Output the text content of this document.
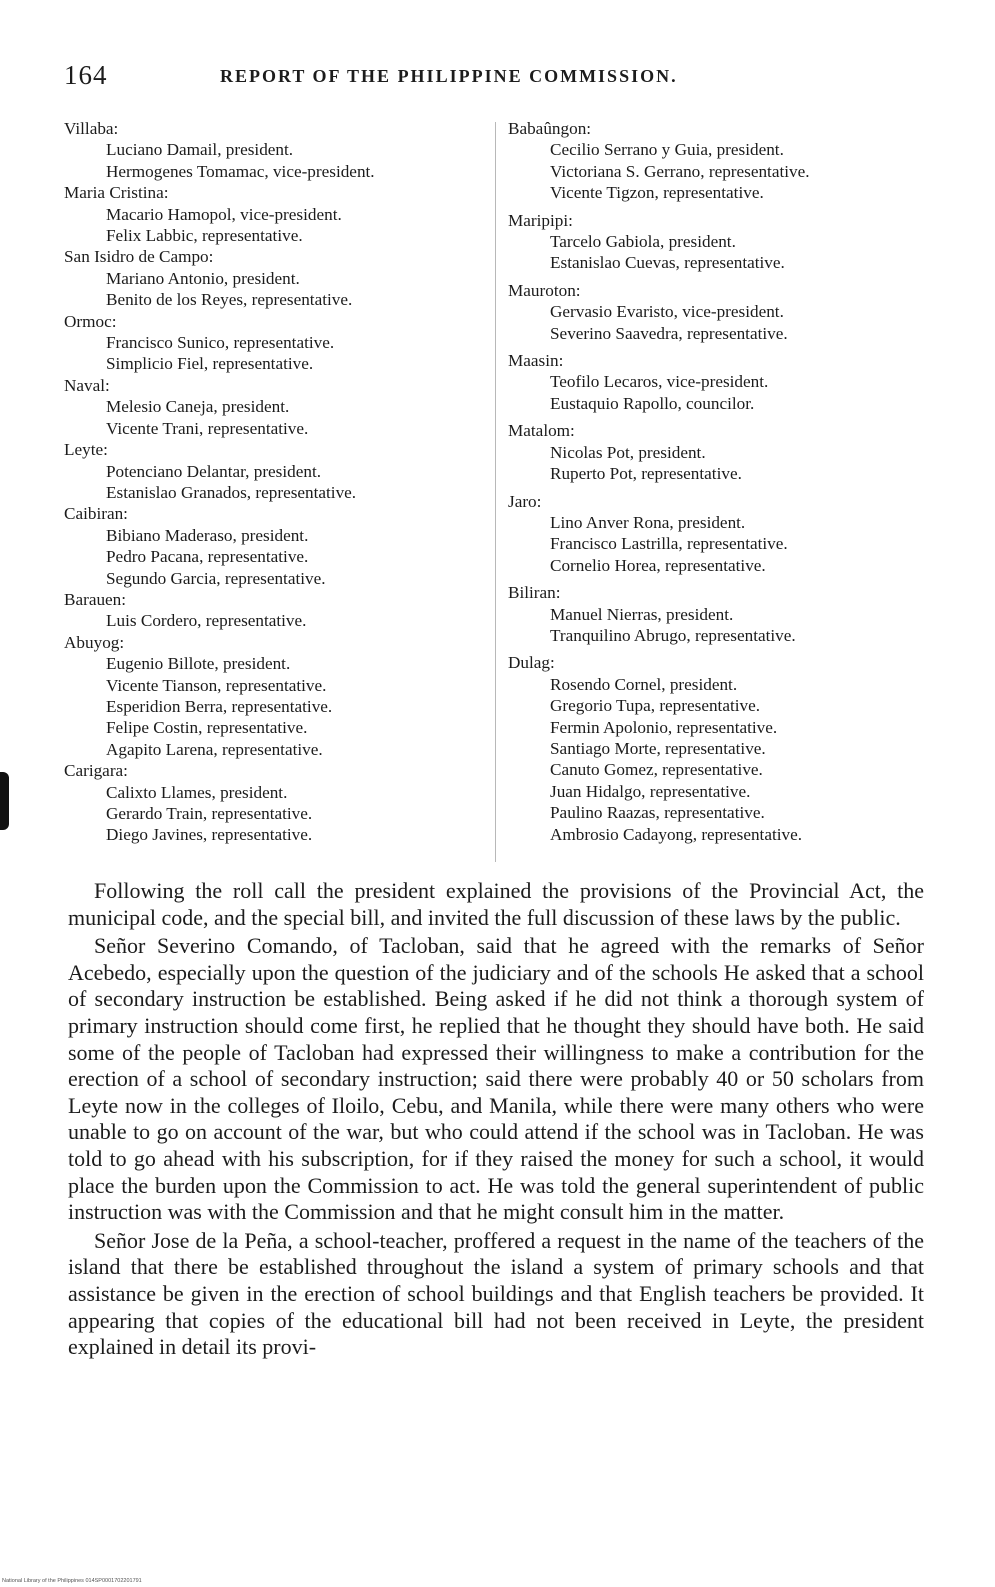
164	REPORT OF THE PHILIPPINE COMMISSION.
Villaba:
Luciano Damail, president.
Hermogenes Tomamac, vice-president.
Maria Cristina:
Macario Hamopol, vice-president.
Felix Labbic, representative.
San Isidro de Campo:
Mariano Antonio, president.
Benito de los Reyes, representative.
Ormoc:
Francisco Sunico, representative.
Simplicio Fiel, representative.
Naval:
Melesio Caneja, president.
Vicente Trani, representative.
Leyte:
Potenciano Delantar, president.
Estanislao Granados, representative.
Caibiran:
Bibiano Maderaso, president.
Pedro Pacana, representative.
Segundo Garcia, representative.
Barauen:
Luis Cordero, representative.
Abuyog:
Eugenio Billote, president.
Vicente Tianson, representative.
Esperidion Berra, representative.
Felipe Costin, representative.
Agapito Larena, representative.
Carigara:
Calixto Llames, president.
Gerardo Train, representative.
Diego Javines, representative.
Babaûngon:
Cecilio Serrano y Guia, president.
Victoriana S. Gerrano, representative.
Vicente Tigzon, representative.
Maripipi:
Tarcelo Gabiola, president.
Estanislao Cuevas, representative.
Mauroton:
Gervasio Evaristo, vice-president.
Severino Saavedra, representative.
Maasin:
Teofilo Lecaros, vice-president.
Eustaquio Rapollo, councilor.
Matalom:
Nicolas Pot, president.
Ruperto Pot, representative.
Jaro:
Lino Anver Rona, president.
Francisco Lastrilla, representative.
Cornelio Horea, representative.
Biliran:
Manuel Nierras, president.
Tranquilino Abrugo, representative.
Dulag:
Rosendo Cornel, president.
Gregorio Tupa, representative.
Fermin Apolonio, representative.
Santiago Morte, representative.
Canuto Gomez, representative.
Juan Hidalgo, representative.
Paulino Raazas, representative.
Ambrosio Cadayong, representative.

Following the roll call the president explained the provisions of the Provincial Act, the municipal code, and the special bill, and invited the full discussion of these laws by the public.

Señor Severino Comando, of Tacloban, said that he agreed with the remarks of Señor Acebedo, especially upon the question of the judiciary and of the schools He asked that a school of secondary instruction be established. Being asked if he did not think a thorough system of primary instruction should come first, he replied that he thought they should have both. He said some of the people of Tacloban had expressed their willingness to make a contribution for the erection of a school of secondary instruction; said there were probably 40 or 50 scholars from Leyte now in the colleges of Iloilo, Cebu, and Manila, while there were many others who were unable to go on account of the war, but who could attend if the school was in Tacloban. He was told to go ahead with his subscription, for if they raised the money for such a school, it would place the burden upon the Commission to act. He was told the general superintendent of public instruction was with the Commission and that he might consult him in the matter.

Señor Jose de la Peña, a school-teacher, proffered a request in the name of the teachers of the island that there be established throughout the island a system of primary schools and that assistance be given in the erection of school buildings and that English teachers be provided. It appearing that copies of the educational bill had not been received in Leyte, the president explained in detail its provi-

National Library of the Philippines 014SP0001702201791
